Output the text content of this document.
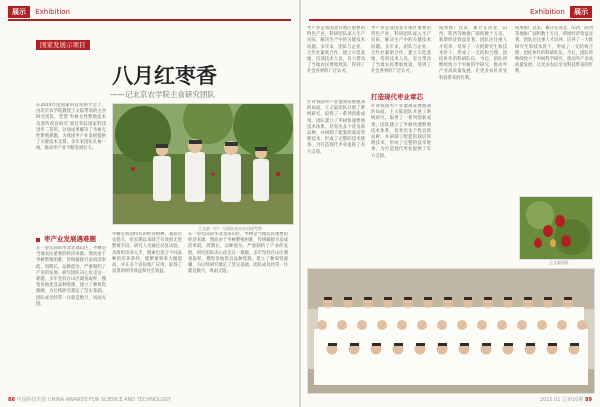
展示 Exhibition
国家发展示项目
八月红枣香
——记北京农学院主食研究团队
在2010年度国家科技奖励大会上，由北京农学院教授王文陆带领的主食研究团队，凭借‘枣树无性繁殖技术及遗传改良研究’项目荣获国家科技进步二等奖。这项成果解决了枣树无性繁殖难题，为我国枣产业发展提供了关键技术支撑，多年来团队扎根一线，推动枣产业不断发展壮大。
王文陆（中）与团队成员在田间考察
枣产业发展遇难题
在一望无际的华北北部山区，枣树是当地农民重要的经济来源。然而由于枣树繁殖困难，传统嫁接方法成活率低、周期长，品种混杂，严重制约了产业的发展。研究团队决心攻克这一难题，多年坚持在山区调查取样，搜集各地优良品种资源，建立了种质资源圃，为后续研究奠定了坚实基础。团队成员经常一住就是数月，风雨无阻。
枣树是我国特有的经济树种，栽培历史悠久，但长期以来缺乏有效的无性繁殖手段。研究人员通过反复试验，从组织培养入手，摸索出适合不同品种的培养条件，使繁殖效率大幅提高，并在多个省份推广应用，取得了显著的经济效益和社会效益。
在一望无际的华北北部山区，枣树是当地农民重要的经济来源。然而由于枣树繁殖困难，传统嫁接方法成活率低、周期长，品种混杂，严重制约了产业的发展。研究团队决心攻克这一难题，多年坚持在山区调查取样，搜集各地优良品种资源，建立了种质资源圃，为后续研究奠定了坚实基础。团队成员经常一住就是数月，风雨无阻。
88 中国科技奖励 CHINA AWARDS FOR SCIENCE AND TECHNOLOGY
Exhibition 展示
枣产业是我国北方地区重要的特色产业，科研团队深入生产实际，解决生产中的关键技术问题。多年来，团队与企业、合作社紧密合作，建立示范基地，培训技术人员，有力带动了当地农民增收致富，得到了社会各界的广泛认可。
打造现代枣业章芯
枣产业是我国北方地区重要的特色产业，科研团队深入生产实际，解决生产中的关键技术问题。多年来，团队与企业、合作社紧密合作，建立示范基地，培训技术人员，有力带动了当地农民增收致富，得到了社会各界的广泛认可。
针对我国枣产业遭遇发展瓶颈的局面，王文陆团队开展了系统研究，取得了一系列创新成果。团队建立了枣树快速繁殖技术体系，培育出多个优良新品种，并研制了配套的栽培管理技术，形成了完整的技术链条，为打造现代枣业提供了有力支撑。
针对我国枣产业遭遇发展瓶颈的局面，王文陆团队开展了系统研究，取得了一系列创新成果。团队建立了枣树快速繁殖技术体系，培育出多个优良新品种，并研制了配套的栽培管理技术，形成了完整的技术链条，为打造现代枣业提供了有力支撑。
成果推广以来，累计在河北、山西、陕西等地推广面积数十万亩，新增经济效益显著。团队还注重人才培养，培养了一大批研究生和技术骨干，形成了一支结构合理、团结协作的科研队伍。今后，团队将继续致力于枣树科学研究，推动枣产业高质量发展，让更多农民享受科技带来的红利。
成果推广以来，累计在河北、山西、陕西等地推广面积数十万亩，新增经济效益显著。团队还注重人才培养，培养了一大批研究生和技术骨干，形成了一支结构合理、团结协作的科研队伍。今后，团队将继续致力于枣树科学研究，推动枣产业高质量发展，让更多农民享受科技带来的红利。
王文陆团队
2011.01 总第10期 89
